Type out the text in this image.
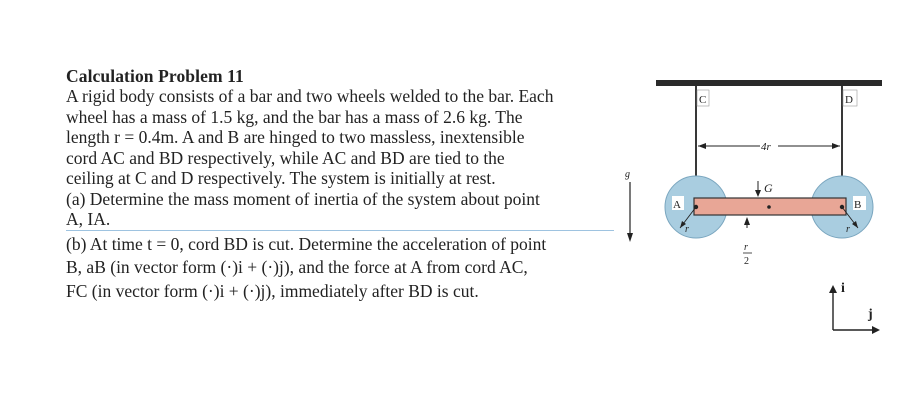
Calculation Problem 11

A rigid body consists of a bar and two wheels welded to the bar. Each
wheel has a mass of 1.5 kg, and the bar has a mass of 2.6 kg. The
length r = 0.4m. A and B are hinged to two massless, inextensible
cord AC and BD respectively, while AC and BD are tied to the
ceiling at C and D respectively. The system is initially at rest.

(a) Determine the mass moment of inertia of the system about point
A, IA.

(b) At time t = 0, cord BD is cut. Determine the acceleration of point
B, aB (in vector form (·)i + (·)j), and the force at A from cord AC,
FC (in vector form (·)i + (·)j), immediately after BD is cut.

C	D
4r
G
A	B
r	r
r
2
g
i
j
